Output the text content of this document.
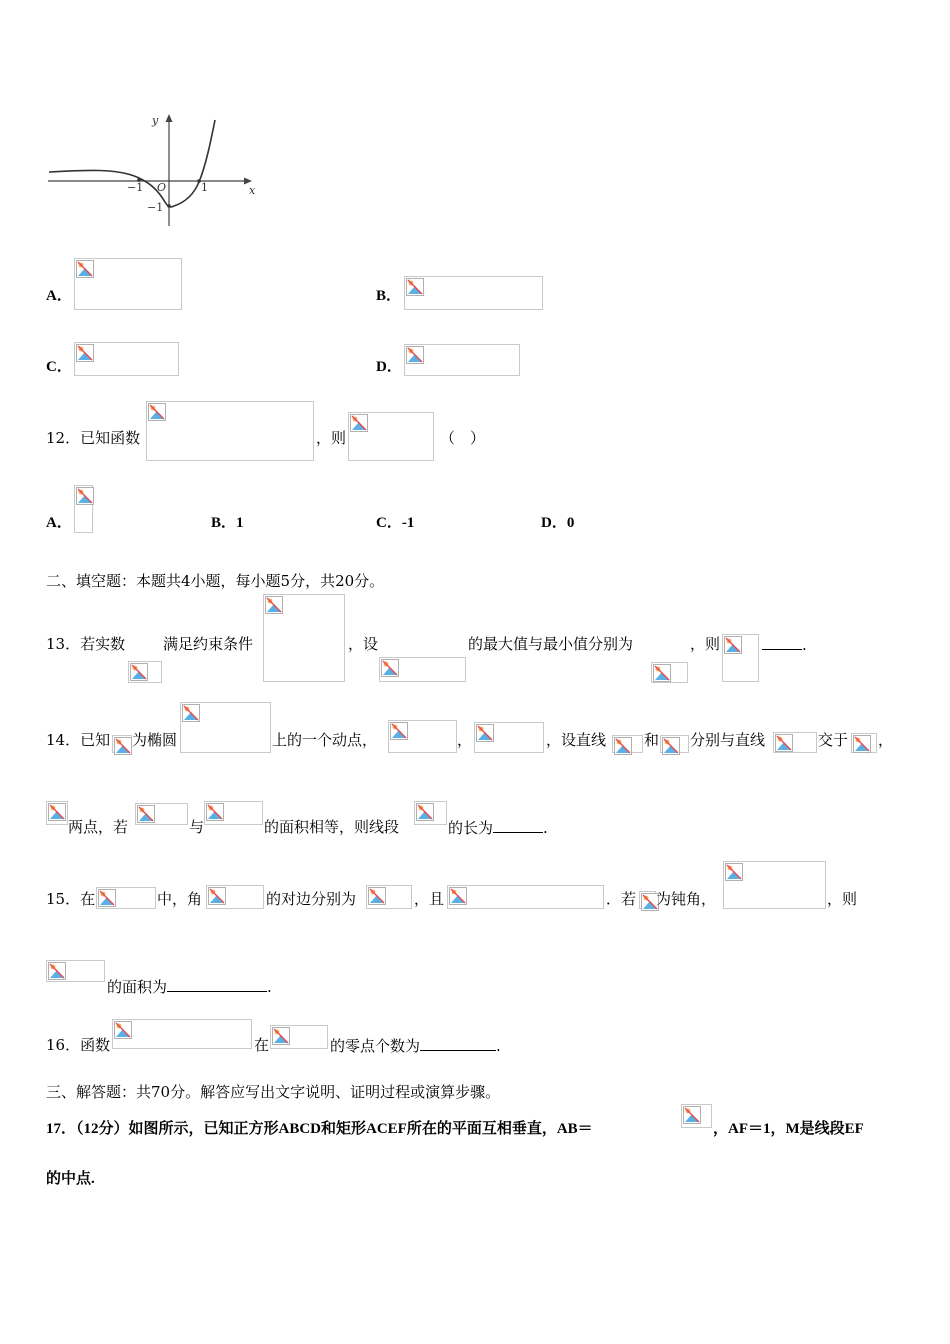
y
x
O
−1	1
−1
A．	B．
C．	D．
12．已知函数	，则	（　）
A．	B．1	C．-1	D．0
二、填空题：本题共4小题，每小题5分，共20分。
13．若实数	满足约束条件	，设	的最大值与最小值分别为	，则	.
14．已知 为椭圆	上的一个动点，	，	，设直线	和 分别与直线	交于 ，
两点，若	与	的面积相等，则线段	的长为	.
15．在	中，角	的对边分别为	，且	．若 为钝角，	，则
的面积为	.
16．函数	在	的零点个数为	.
三、解答题：共70分。解答应写出文字说明、证明过程或演算步骤。
17．（12分）如图所示，已知正方形ABCD和矩形ACEF所在的平面互相垂直，AB＝	，AF＝1，M是线段EF
的中点.
